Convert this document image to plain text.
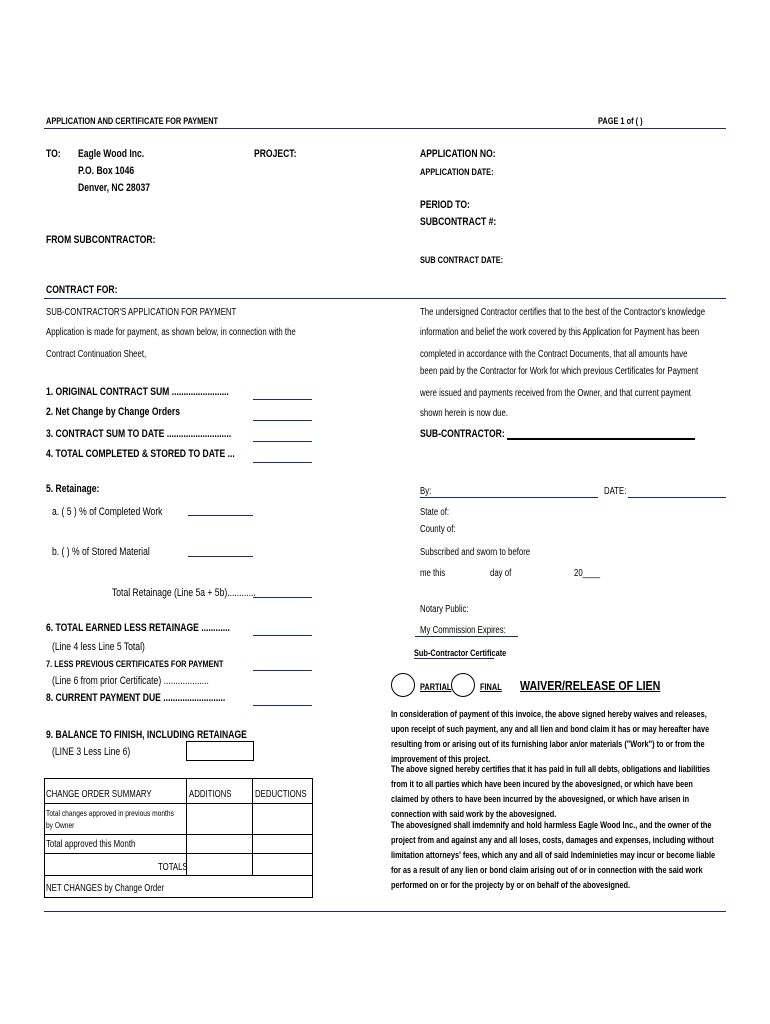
APPLICATION AND CERTIFICATE FOR PAYMENT	PAGE 1 of ( )
TO: Eagle Wood Inc.
P.O. Box 1046
Denver, NC 28037
PROJECT:	APPLICATION NO:
APPLICATION DATE:
PERIOD TO:
SUBCONTRACT #:
SUB CONTRACT DATE:
FROM SUBCONTRACTOR:
CONTRACT FOR:
SUB-CONTRACTOR'S APPLICATION FOR PAYMENT
Application is made for payment, as shown below, in connection with the
Contract Continuation Sheet,
The undersigned Contractor certifies that to the best of the Contractor's knowledge
information and belief the work covered by this Application for Payment has been
completed in accordance with the Contract Documents, that all amounts have
been paid by the Contractor for Work for which previous Certificates for Payment
were issued and payments received from the Owner, and that current payment
shown herein is now due.
1. ORIGINAL CONTRACT SUM ........................
2. Net Change by Change Orders
3. CONTRACT SUM TO DATE ...........................
4. TOTAL COMPLETED & STORED TO DATE ...
SUB-CONTRACTOR:
5. Retainage:
a. ( 5 ) % of Completed Work
b. ( ) % of Stored Material
Total Retainage (Line 5a + 5b)............
By:	DATE:
State of:
County of:
Subscribed and sworn to before
me this	day of	20____
Notary Public:
My Commission Expires:
Sub-Contractor Certificate
6. TOTAL EARNED LESS RETAINAGE ............
(Line 4 less Line 5 Total)
7. LESS PREVIOUS CERTIFICATES FOR PAYMENT
(Line 6 from prior Certificate) ...................
8. CURRENT PAYMENT DUE ..........................
9. BALANCE TO FINISH, INCLUDING RETAINAGE
(LINE 3 Less Line 6)
PARTIAL	FINAL WAIVER/RELEASE OF LIEN
In consideration of payment of this invoice, the above signed hereby waives and releases, upon receipt of such payment, any and all lien and bond claim it has or may hereafter have resulting from or arising out of its furnishing labor an/or materials ("Work") to or from the improvement of this project.
The above signed hereby certifies that it has paid in full all debts, obligations and liabilities from it to all parties which have been incured by the abovesigned, or which have been claimed by others to have been incurred by the abovesigned, or which have arisen in connection with said work by the abovesigned.
The abovesigned shall imdemnify and hold harmless Eagle Wood Inc., and the owner of the project from and against any and all loses, costs, damages and expenses, including without limitation attorneys' fees, which any and all of said Indeminieties may incur or become liable for as a result of any lien or bond claim arising out of or in connection with the said work performed on or for the projecty by or on behalf of the abovesigned.
CHANGE ORDER SUMMARY	ADDITIONS DEDUCTIONS
Total changes approved in previous months
by Owner
Total approved this Month
TOTALS
NET CHANGES by Change Order
